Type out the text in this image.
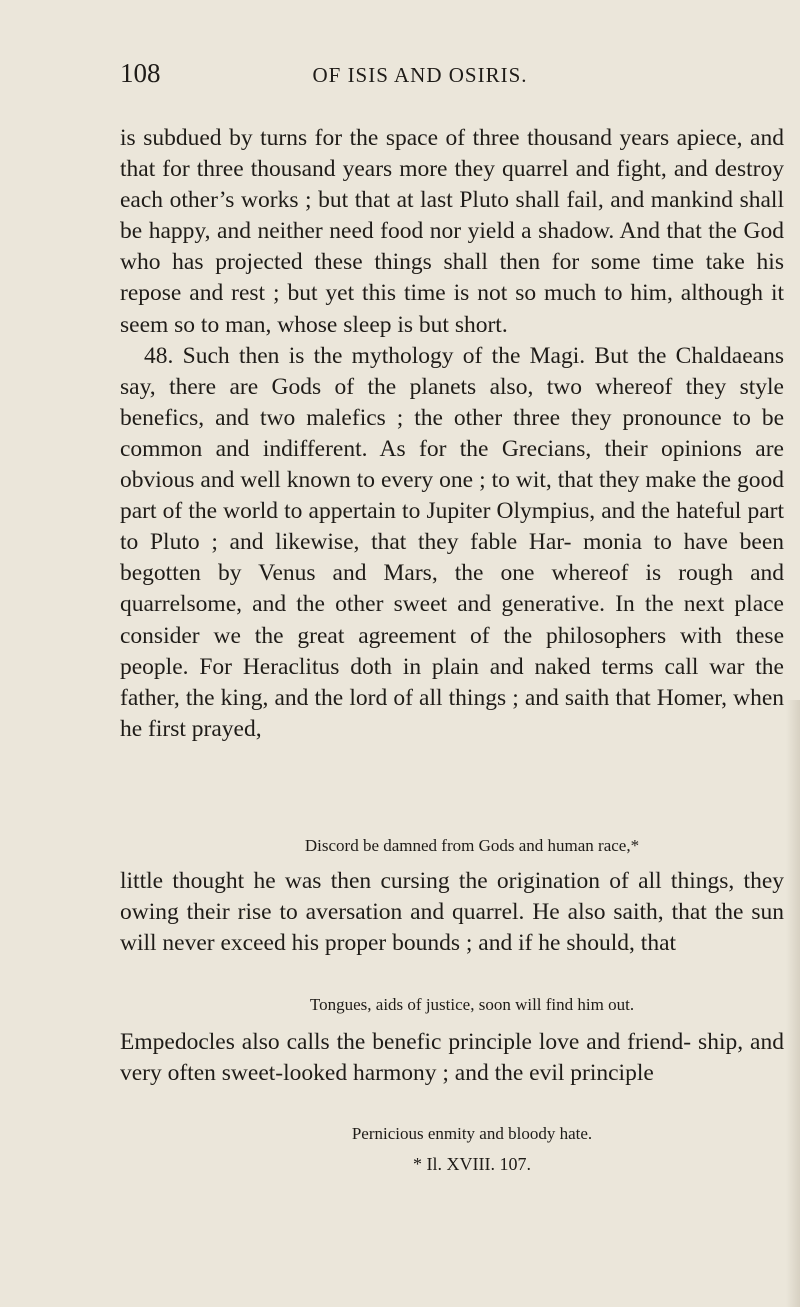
108	OF ISIS AND OSIRIS.

is subdued by turns for the space of three thousand years apiece, and that for three thousand years more they quarrel and fight, and destroy each other’s works ; but that at last Pluto shall fail, and mankind shall be happy, and neither need food nor yield a shadow. And that the God who has projected these things shall then for some time take his repose and rest ; but yet this time is not so much to him, although it seem so to man, whose sleep is but short.

48. Such then is the mythology of the Magi. But the Chaldaeans say, there are Gods of the planets also, two whereof they style benefics, and two malefics ; the other three they pronounce to be common and indifferent. As for the Grecians, their opinions are obvious and well known to every one ; to wit, that they make the good part of the world to appertain to Jupiter Olympius, and the hateful part to Pluto ; and likewise, that they fable Har- monia to have been begotten by Venus and Mars, the one whereof is rough and quarrelsome, and the other sweet and generative. In the next place consider we the great agreement of the philosophers with these people. For Heraclitus doth in plain and naked terms call war the father, the king, and the lord of all things ; and saith that Homer, when he first prayed,

Discord be damned from Gods and human race,*

little thought he was then cursing the origination of all things, they owing their rise to aversation and quarrel. He also saith, that the sun will never exceed his proper bounds ; and if he should, that

Tongues, aids of justice, soon will find him out.

Empedocles also calls the benefic principle love and friend- ship, and very often sweet-looked harmony ; and the evil principle

Pernicious enmity and bloody hate.
* Il. XVIII. 107.
